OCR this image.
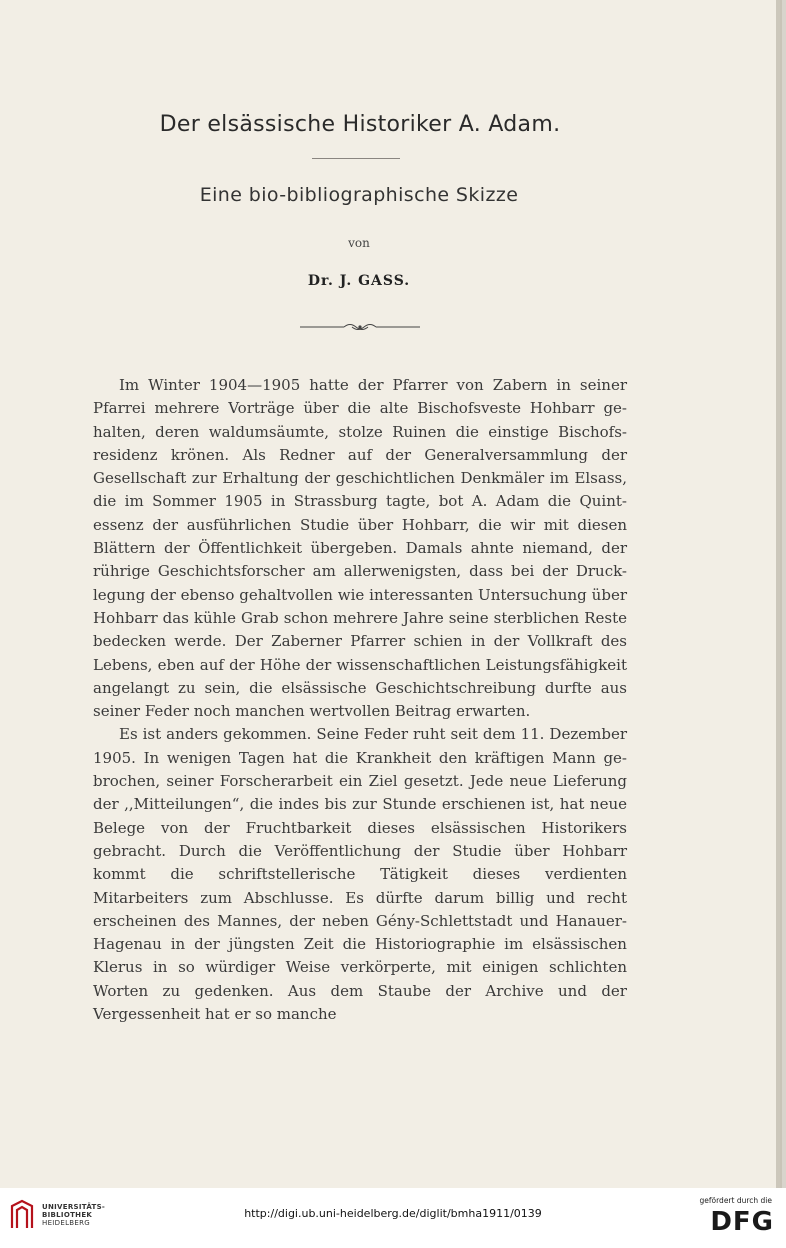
Der elsässische Historiker A. Adam.
Eine bio-bibliographische Skizze
von
Dr. J. GASS.

Im Winter 1904—1905 hatte der Pfarrer von Zabern in seiner Pfarrei mehrere Vorträge über die alte Bischofsveste Hohbarr ge- halten, deren waldumsäumte, stolze Ruinen die einstige Bischofs- residenz krönen. Als Redner auf der Generalversammlung der Gesellschaft zur Erhaltung der geschichtlichen Denkmäler im Elsass, die im Sommer 1905 in Strassburg tagte, bot A. Adam die Quint- essenz der ausführlichen Studie über Hohbarr, die wir mit diesen Blättern der Öffentlichkeit übergeben. Damals ahnte niemand, der rührige Geschichtsforscher am allerwenigsten, dass bei der Druck- legung der ebenso gehaltvollen wie interessanten Untersuchung über Hohbarr das kühle Grab schon mehrere Jahre seine sterblichen Reste bedecken werde. Der Zaberner Pfarrer schien in der Vollkraft des Lebens, eben auf der Höhe der wissenschaftlichen Leistungsfähigkeit angelangt zu sein, die elsässische Geschichtschreibung durfte aus seiner Feder noch manchen wertvollen Beitrag erwarten.

Es ist anders gekommen. Seine Feder ruht seit dem 11. Dezember 1905. In wenigen Tagen hat die Krankheit den kräftigen Mann ge- brochen, seiner Forscherarbeit ein Ziel gesetzt. Jede neue Lieferung der ,,Mitteilungen“, die indes bis zur Stunde erschienen ist, hat neue Belege von der Fruchtbarkeit dieses elsässischen Historikers gebracht. Durch die Veröffentlichung der Studie über Hohbarr kommt die schriftstellerische Tätigkeit dieses verdienten Mitarbeiters zum Abschlusse. Es dürfte darum billig und recht erscheinen des Mannes, der neben Gény-Schlettstadt und Hanauer-Hagenau in der jüngsten Zeit die Historiographie im elsässischen Klerus in so würdiger Weise verkörperte, mit einigen schlichten Worten zu gedenken. Aus dem Staube der Archive und der Vergessenheit hat er so manche

UNIVERSITÄTS-
BIBLIOTHEK
HEIDELBERG
http://digi.ub.uni-heidelberg.de/diglit/bmha1911/0139
gefördert durch die
DFG
